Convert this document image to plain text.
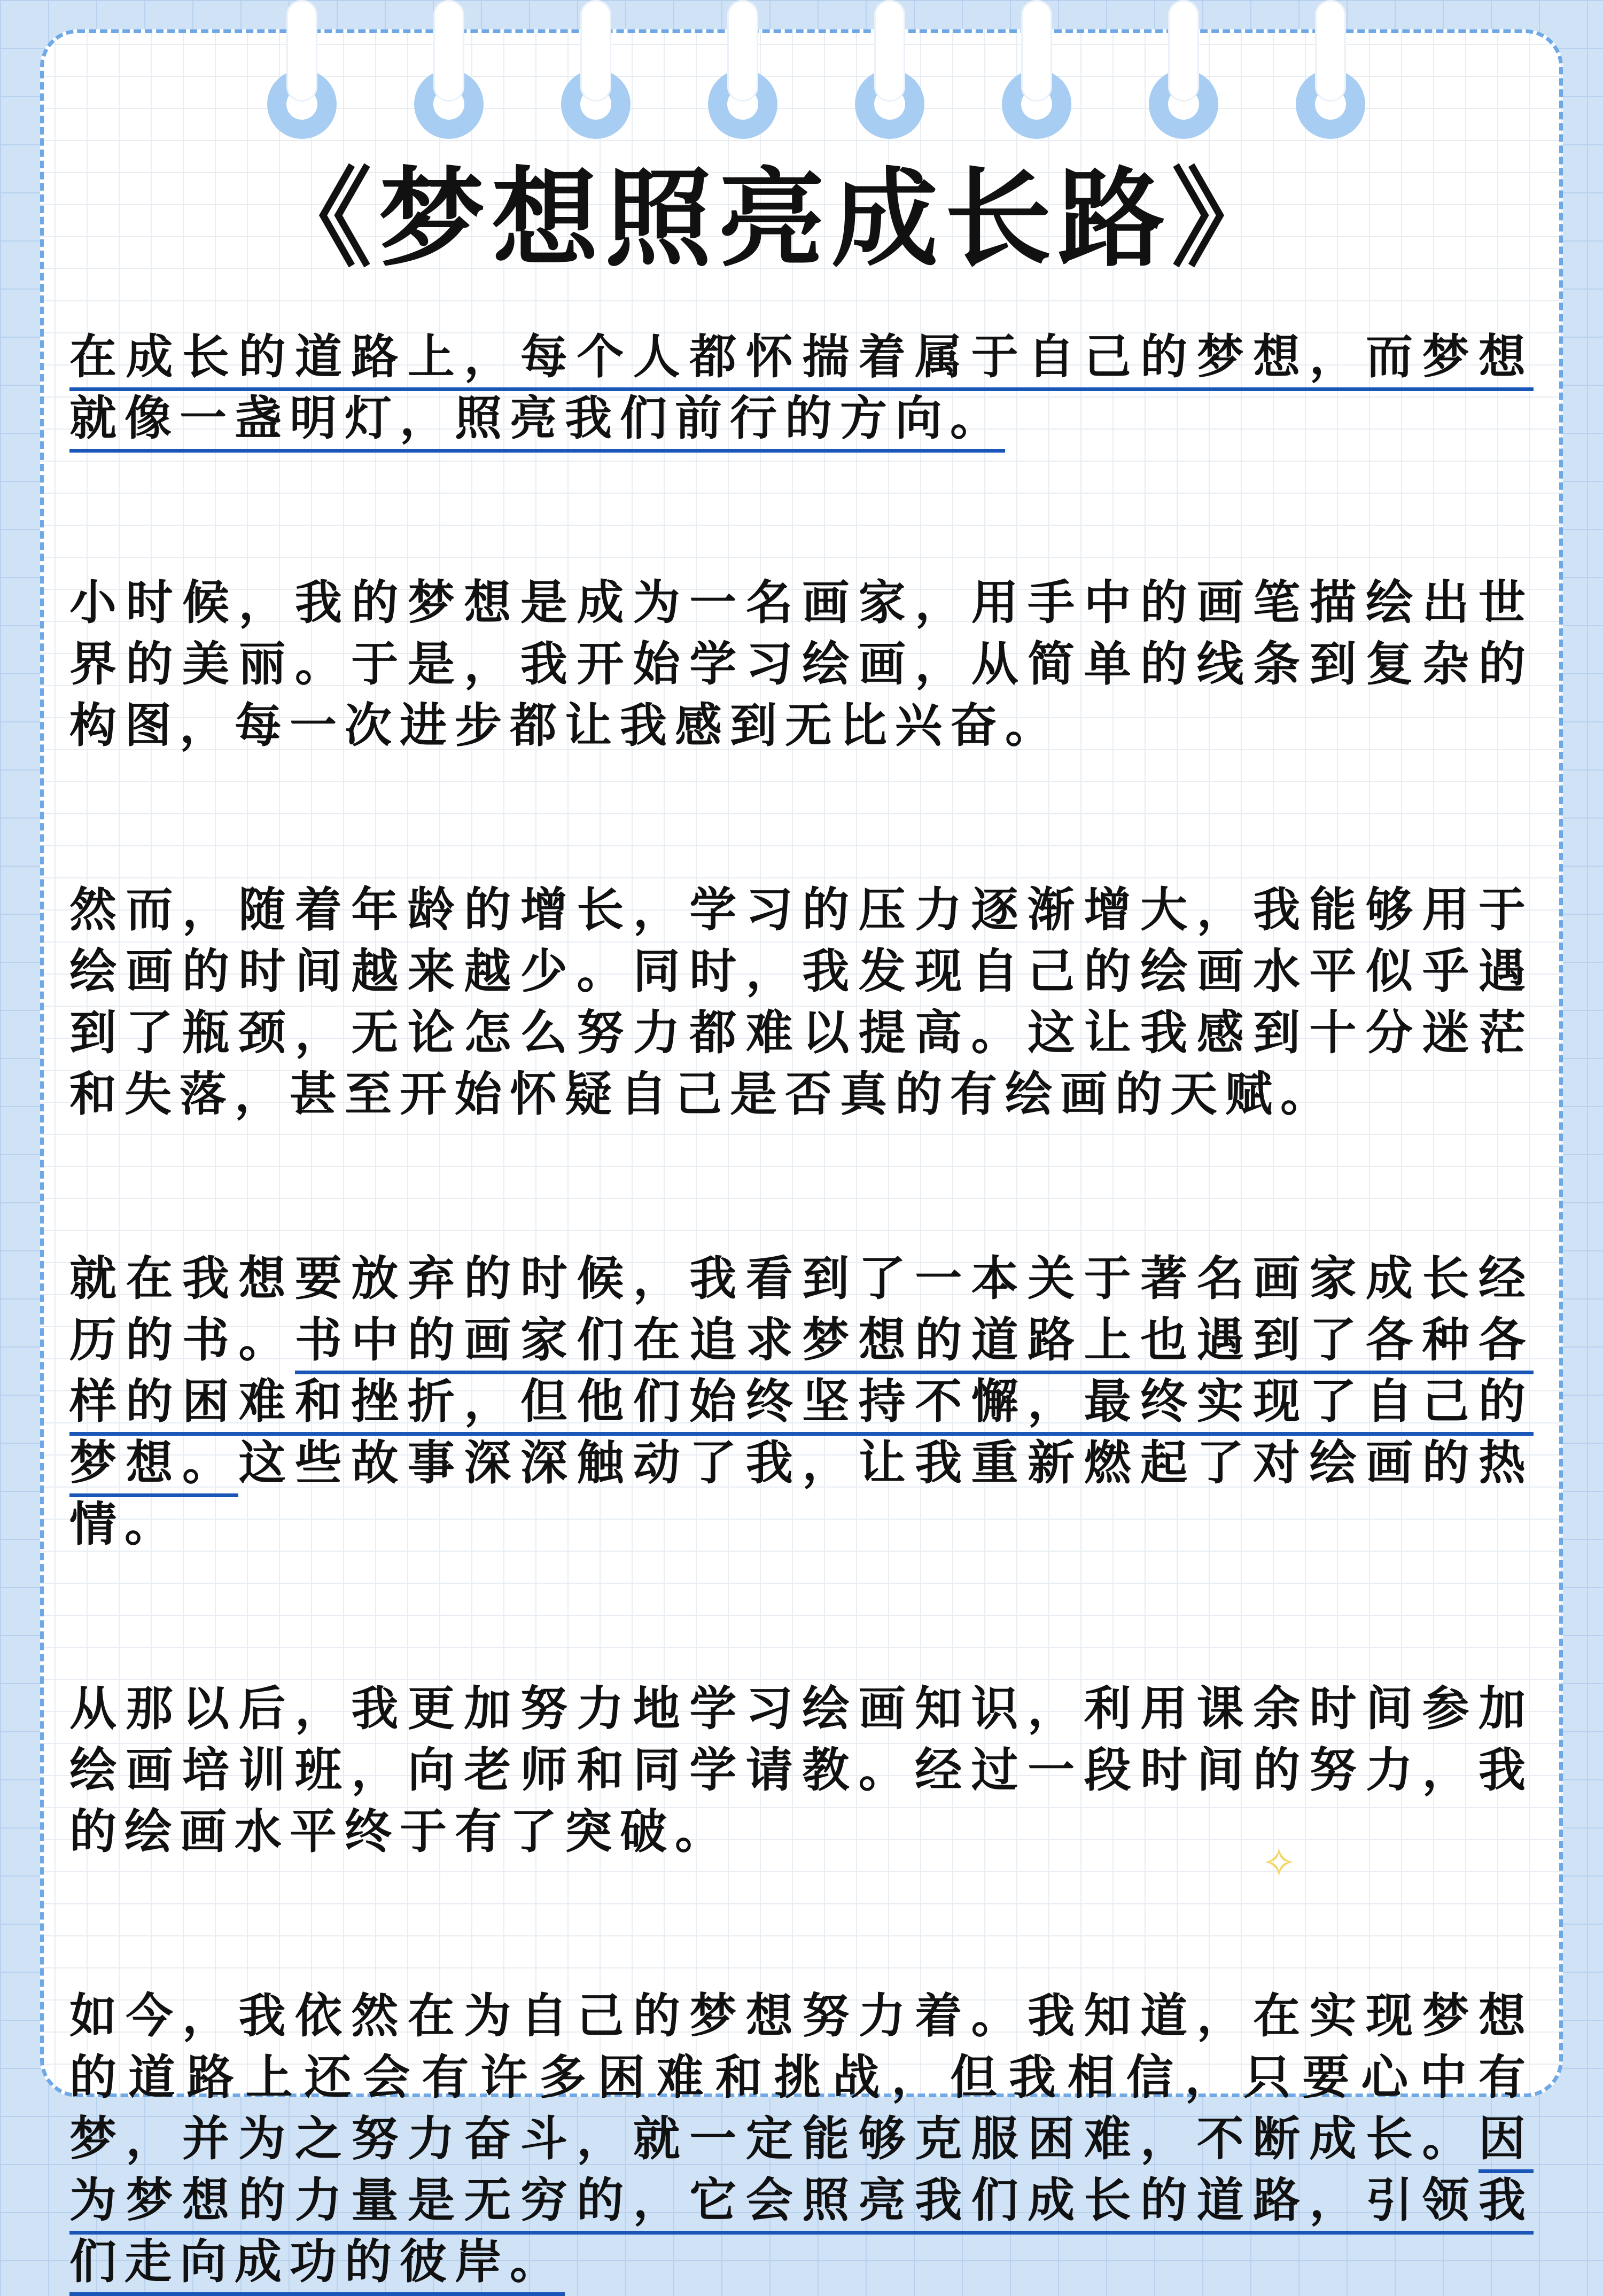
《梦想照亮成长路》

在成长的道路上，每个人都怀揣着属于自己的梦想，而梦想就像一盏明灯，照亮我们前行的方向。

小时候，我的梦想是成为一名画家，用手中的画笔描绘出世界的美丽。于是，我开始学习绘画，从简单的线条到复杂的构图，每一次进步都让我感到无比兴奋。

然而，随着年龄的增长，学习的压力逐渐增大，我能够用于绘画的时间越来越少。同时，我发现自己的绘画水平似乎遇到了瓶颈，无论怎么努力都难以提高。这让我感到十分迷茫和失落，甚至开始怀疑自己是否真的有绘画的天赋。

就在我想要放弃的时候，我看到了一本关于著名画家成长经历的书。书中的画家们在追求梦想的道路上也遇到了各种各样的困难和挫折，但他们始终坚持不懈，最终实现了自己的梦想。这些故事深深触动了我，让我重新燃起了对绘画的热情。

从那以后，我更加努力地学习绘画知识，利用课余时间参加绘画培训班，向老师和同学请教。经过一段时间的努力，我的绘画水平终于有了突破。

如今，我依然在为自己的梦想努力着。我知道，在实现梦想的道路上还会有许多困难和挑战，但我相信，只要心中有梦，并为之努力奋斗，就一定能够克服困难，不断成长。因为梦想的力量是无穷的，它会照亮我们成长的道路，引领我们走向成功的彼岸。

✧
